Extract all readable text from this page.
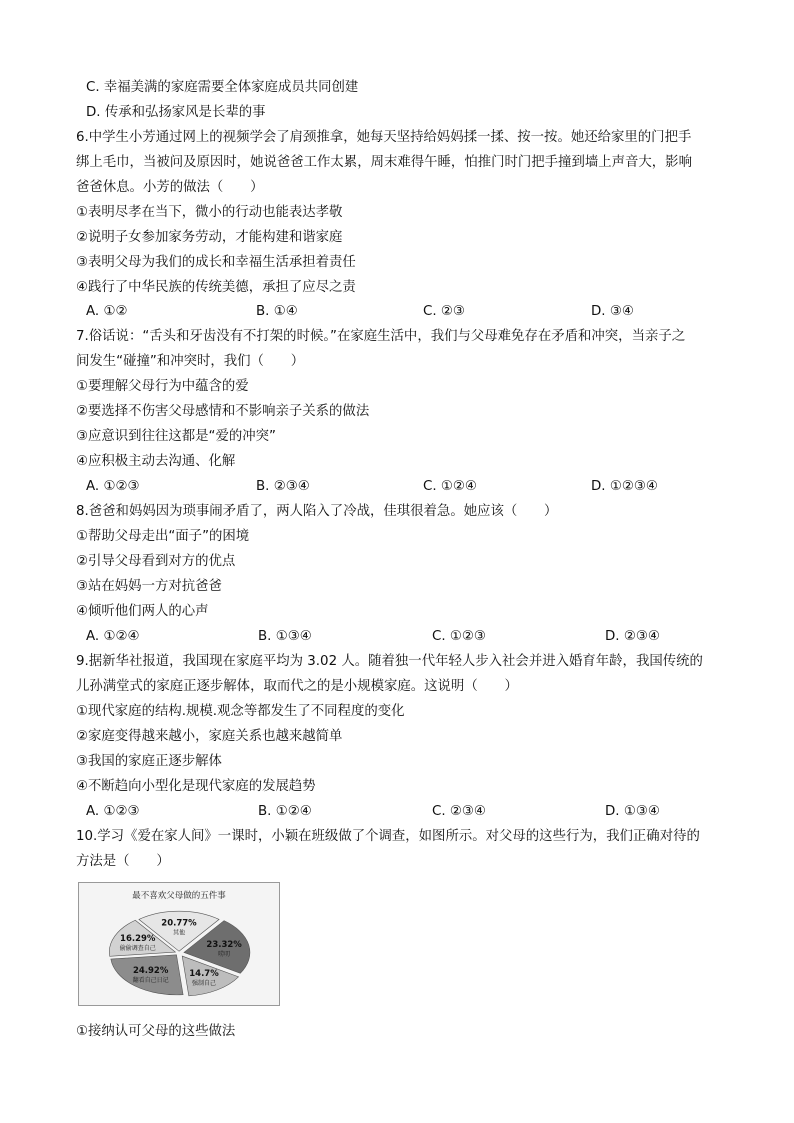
C. 幸福美满的家庭需要全体家庭成员共同创建
D. 传承和弘扬家风是长辈的事
6.中学生小芳通过网上的视频学会了肩颈推拿，她每天坚持给妈妈揉一揉、按一按。她还给家里的门把手
绑上毛巾，当被问及原因时，她说爸爸工作太累，周末难得午睡，怕推门时门把手撞到墙上声音大，影响
爸爸休息。小芳的做法（　　）
①表明尽孝在当下，微小的行动也能表达孝敬
②说明子女参加家务劳动，才能构建和谐家庭
③表明父母为我们的成长和幸福生活承担着责任
④践行了中华民族的传统美德，承担了应尽之责
A. ①②	B. ①④	C. ②③	D. ③④
7.俗话说：“舌头和牙齿没有不打架的时候。”在家庭生活中，我们与父母难免存在矛盾和冲突，当亲子之
间发生“碰撞”和冲突时，我们（　　）
①要理解父母行为中蕴含的爱
②要选择不伤害父母感情和不影响亲子关系的做法
③应意识到往往这都是“爱的冲突”
④应积极主动去沟通、化解
A. ①②③	B. ②③④	C. ①②④	D. ①②③④
8.爸爸和妈妈因为琐事闹矛盾了，两人陷入了冷战，佳琪很着急。她应该（　　）
①帮助父母走出“面子”的困境
②引导父母看到对方的优点
③站在妈妈一方对抗爸爸
④倾听他们两人的心声
A. ①②④	B. ①③④	C. ①②③	D. ②③④
9.据新华社报道，我国现在家庭平均为 3.02 人。随着独一代年轻人步入社会并进入婚育年龄，我国传统的
儿孙满堂式的家庭正逐步解体，取而代之的是小规模家庭。这说明（　　）
①现代家庭的结构.规模.观念等都发生了不同程度的变化
②家庭变得越来越小，家庭关系也越来越简单
③我国的家庭正逐步解体
④不断趋向小型化是现代家庭的发展趋势
A. ①②③	B. ①②④	C. ②③④	D. ①③④
10.学习《爱在家人间》一课时，小颖在班级做了个调查，如图所示。对父母的这些行为，我们正确对待的
方法是（　　）
最不喜欢父母做的五件事
20.77%
其他
23.32%
唠叨
14.7%
强制自己
24.92%
翻看自己日记
16.29%
偷偷调查自己
①接纳认可父母的这些做法
